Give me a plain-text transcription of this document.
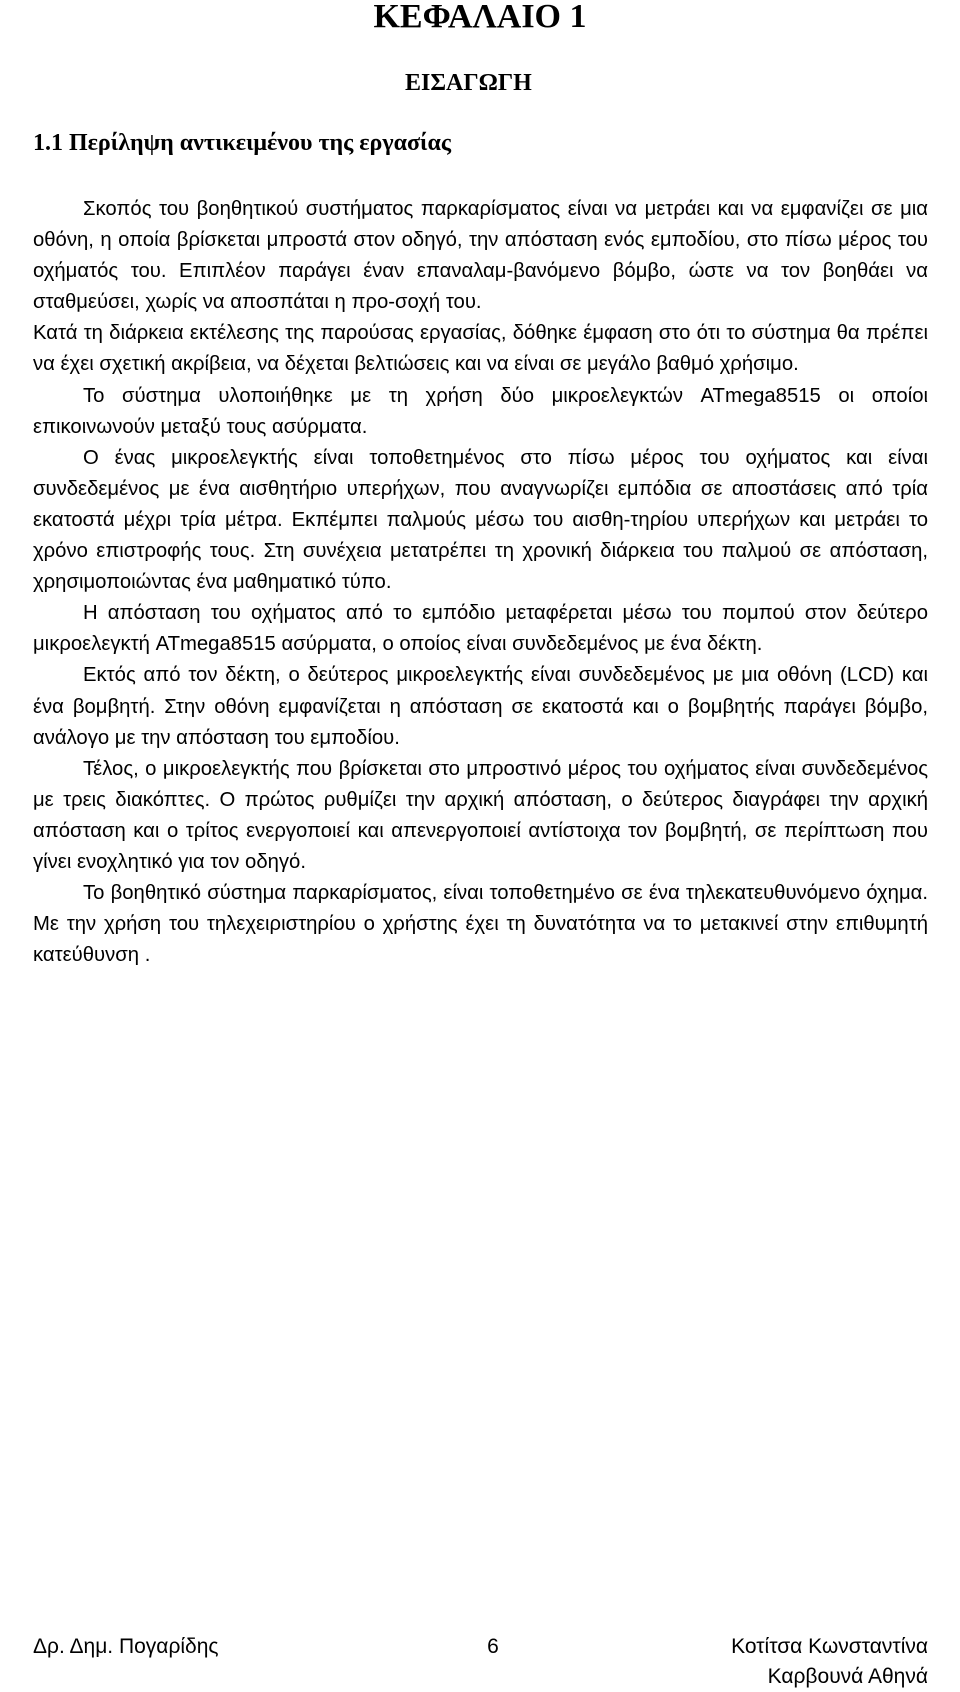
ΚΕΦΑΛΑΙΟ 1
ΕΙΣΑΓΩΓΗ
1.1 Περίληψη αντικειμένου της εργασίας

Σκοπός του βοηθητικού συστήματος παρκαρίσματος είναι να μετράει και να εμφανίζει σε μια οθόνη, η οποία βρίσκεται μπροστά στον οδηγό, την απόσταση ενός εμποδίου, στο πίσω μέρος του οχήματός του. Επιπλέον παράγει έναν επαναλαμ-βανόμενο βόμβο, ώστε να τον βοηθάει να σταθμεύσει, χωρίς να αποσπάται η προ-σοχή του.

Κατά τη διάρκεια εκτέλεσης της παρούσας εργασίας, δόθηκε έμφαση στο ότι το σύστημα θα πρέπει να έχει σχετική ακρίβεια, να δέχεται βελτιώσεις και να είναι σε μεγάλο βαθμό χρήσιμο.

Το σύστημα υλοποιήθηκε με τη χρήση δύο μικροελεγκτών ATmega8515 οι οποίοι επικοινωνούν μεταξύ τους ασύρματα.

Ο ένας μικροελεγκτής είναι τοποθετημένος στο πίσω μέρος του οχήματος και είναι συνδεδεμένος με ένα αισθητήριο υπερήχων, που αναγνωρίζει εμπόδια σε αποστάσεις από τρία εκατοστά μέχρι τρία μέτρα. Εκπέμπει παλμούς μέσω του αισθη-τηρίου υπερήχων και μετράει το χρόνο επιστροφής τους. Στη συνέχεια μετατρέπει τη χρονική διάρκεια του παλμού σε απόσταση, χρησιμοποιώντας ένα μαθηματικό τύπο.

Η απόσταση του οχήματος από το εμπόδιο μεταφέρεται μέσω του πομπού στον δεύτερο μικροελεγκτή ATmega8515 ασύρματα, ο οποίος είναι συνδεδεμένος με ένα δέκτη.

Εκτός από τον δέκτη, ο δεύτερος μικροελεγκτής είναι συνδεδεμένος με μια οθόνη (LCD) και ένα βομβητή. Στην οθόνη εμφανίζεται η απόσταση σε εκατοστά και ο βομβητής παράγει βόμβο, ανάλογο με την απόσταση του εμποδίου.

Τέλος, ο μικροελεγκτής που βρίσκεται στο μπροστινό μέρος του οχήματος είναι συνδεδεμένος με τρεις διακόπτες. Ο πρώτος ρυθμίζει την αρχική απόσταση, ο δεύτερος διαγράφει την αρχική απόσταση και ο τρίτος ενεργοποιεί και απενεργοποιεί αντίστοιχα τον βομβητή, σε περίπτωση που γίνει ενοχλητικό για τον οδηγό.

Το βοηθητικό σύστημα παρκαρίσματος, είναι τοποθετημένο σε ένα τηλεκατευθυνόμενο όχημα. Με την χρήση του τηλεχειριστηρίου ο χρήστης έχει τη δυνατότητα να το μετακινεί στην επιθυμητή κατεύθυνση .

Δρ. Δημ. Πογαρίδης	6	Κοτίτσα Κωνσταντίνα
Καρβουνά Αθηνά
